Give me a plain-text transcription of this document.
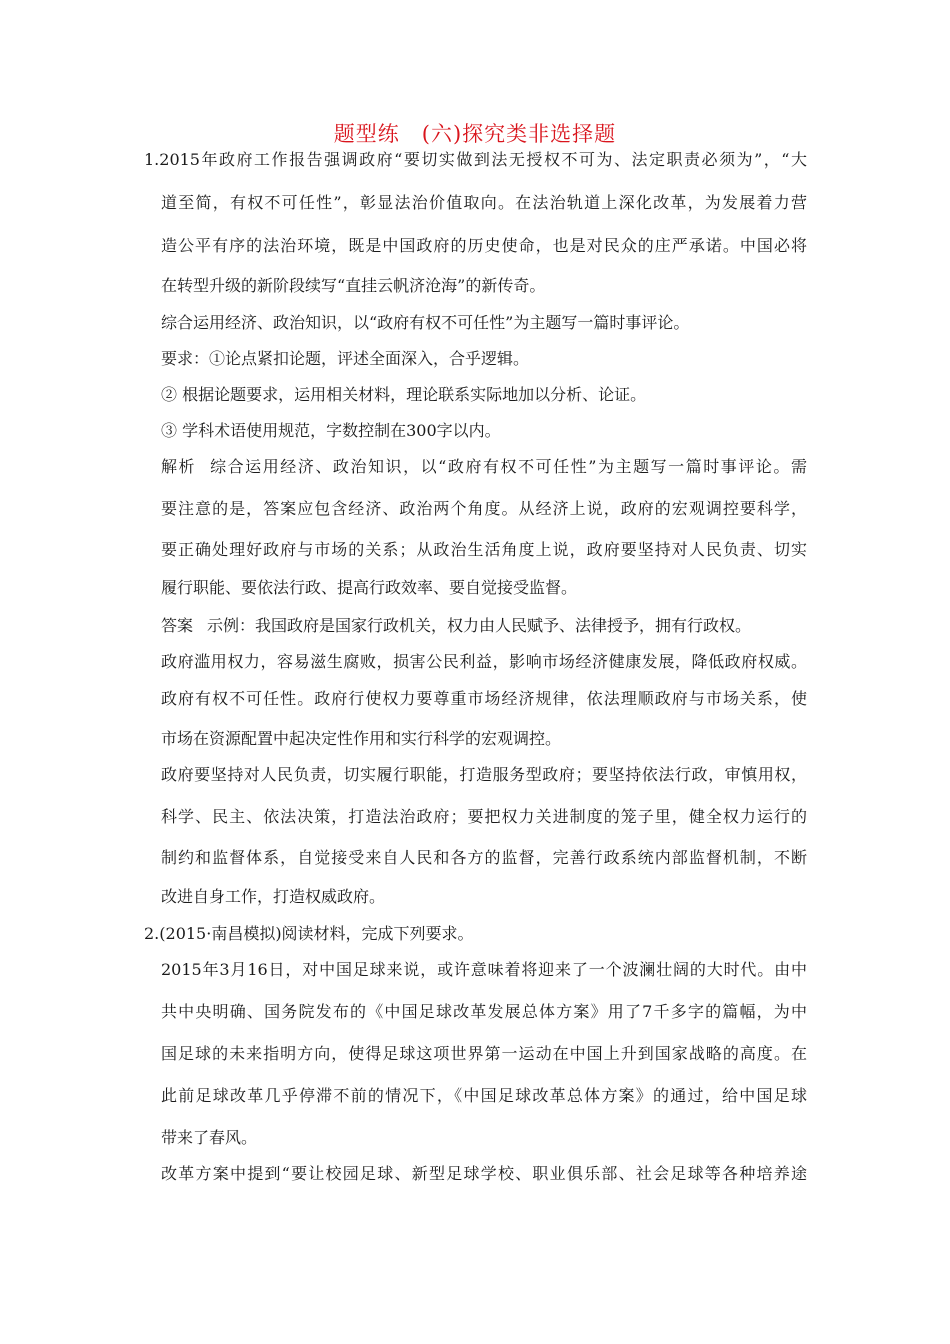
题型练 (六)探究类非选择题
1.2015年政府工作报告强调政府“要切实做到法无授权不可为、法定职责必须为”，“大
道至简，有权不可任性”，彰显法治价值取向。在法治轨道上深化改革，为发展着力营
造公平有序的法治环境，既是中国政府的历史使命，也是对民众的庄严承诺。中国必将
在转型升级的新阶段续写“直挂云帆济沧海”的新传奇。
综合运用经济、政治知识，以“政府有权不可任性”为主题写一篇时事评论。
要求：①论点紧扣论题，评述全面深入，合乎逻辑。
② 根据论题要求，运用相关材料，理论联系实际地加以分析、论证。
③ 学科术语使用规范，字数控制在300字以内。
解析 综合运用经济、政治知识，以“政府有权不可任性”为主题写一篇时事评论。需
要注意的是，答案应包含经济、政治两个角度。从经济上说，政府的宏观调控要科学，
要正确处理好政府与市场的关系；从政治生活角度上说，政府要坚持对人民负责、切实
履行职能、要依法行政、提高行政效率、要自觉接受监督。
答案 示例：我国政府是国家行政机关，权力由人民赋予、法律授予，拥有行政权。
政府滥用权力，容易滋生腐败，损害公民利益，影响市场经济健康发展，降低政府权威。
政府有权不可任性。政府行使权力要尊重市场经济规律，依法理顺政府与市场关系，使
市场在资源配置中起决定性作用和实行科学的宏观调控。
政府要坚持对人民负责，切实履行职能，打造服务型政府；要坚持依法行政，审慎用权，
科学、民主、依法决策，打造法治政府；要把权力关进制度的笼子里，健全权力运行的
制约和监督体系，自觉接受来自人民和各方的监督，完善行政系统内部监督机制，不断
改进自身工作，打造权威政府。
2.(2015·南昌模拟)阅读材料，完成下列要求。
2015年3月16日，对中国足球来说，或许意味着将迎来了一个波澜壮阔的大时代。由中
共中央明确、国务院发布的《中国足球改革发展总体方案》用了7千多字的篇幅，为中
国足球的未来指明方向，使得足球这项世界第一运动在中国上升到国家战略的高度。在
此前足球改革几乎停滞不前的情况下，《中国足球改革总体方案》的通过，给中国足球
带来了春风。
改革方案中提到“要让校园足球、新型足球学校、职业俱乐部、社会足球等各种培养途
